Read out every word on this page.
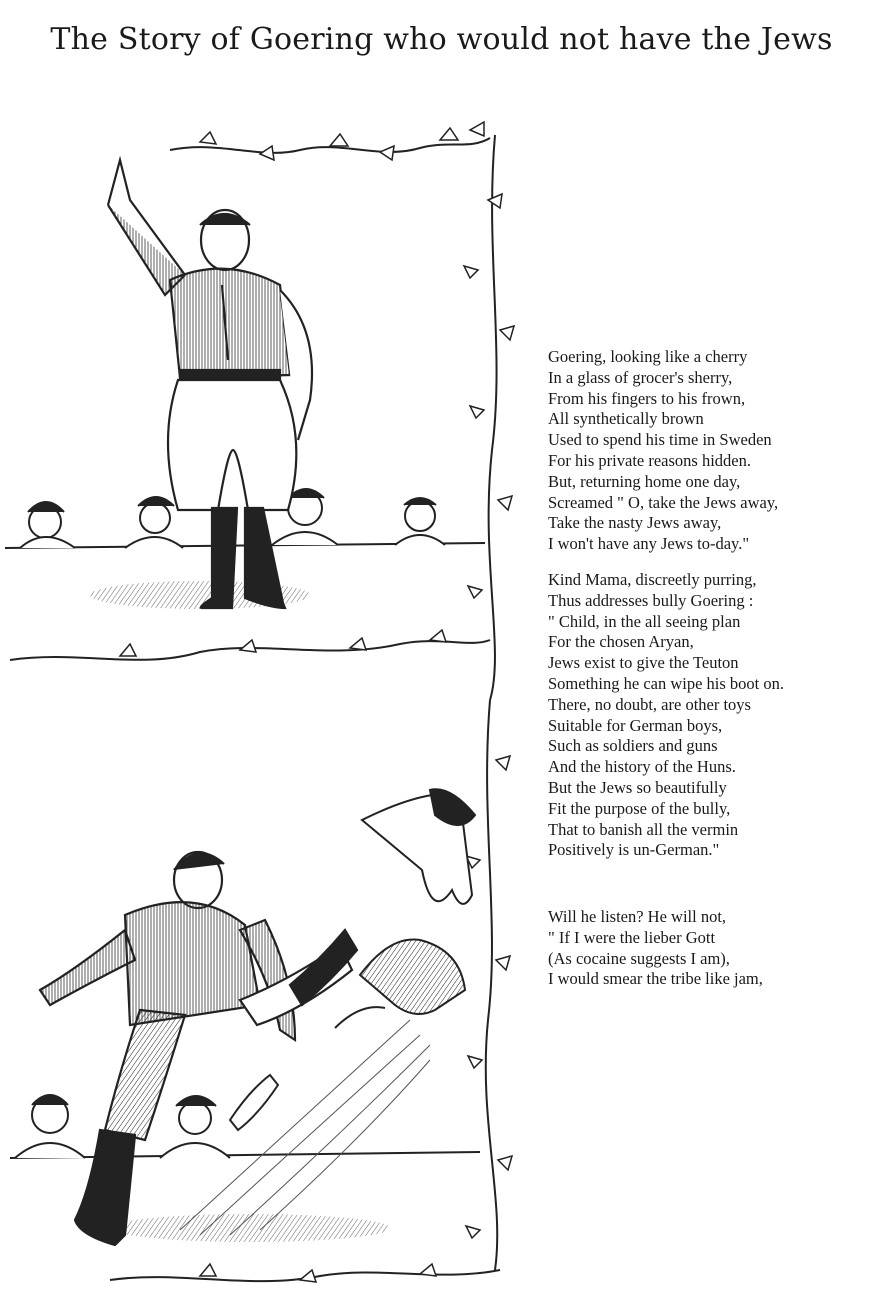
The Story of Goering who would not have the Jews
Goering, looking like a cherry
In a glass of grocer's sherry,
From his fingers to his frown,
All synthetically brown
Used to spend his time in Sweden
For his private reasons hidden.
But, returning home one day,
Screamed " O, take the Jews away,
Take the nasty Jews away,
I won't have any Jews to-day."
Kind Mama, discreetly purring,
Thus addresses bully Goering :
" Child, in the all seeing plan
For the chosen Aryan,
Jews exist to give the Teuton
Something he can wipe his boot on.
There, no doubt, are other toys
Suitable for German boys,
Such as soldiers and guns
And the history of the Huns.
But the Jews so beautifully
Fit the purpose of the bully,
That to banish all the vermin
Positively is un-German."
Will he listen? He will not,
" If I were the lieber Gott
(As cocaine suggests I am),
I would smear the tribe like jam,
